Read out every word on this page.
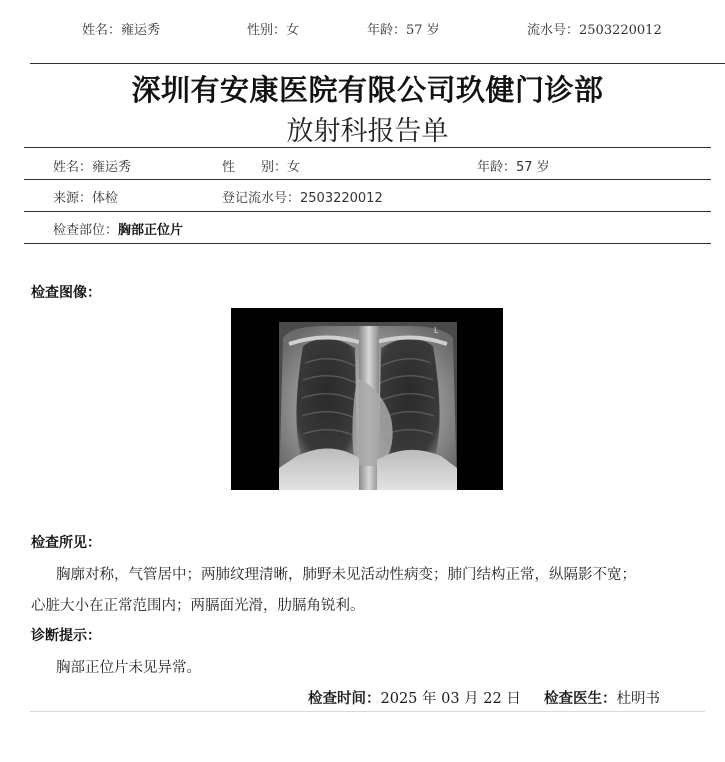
姓名：雍运秀	性别：女	年龄：57 岁	流水号：2503220012
深圳有安康医院有限公司玖健门诊部
放射科报告单
姓名：雍运秀	性　　别：女	年龄：57 岁
来源：体检	登记流水号：2503220012
检查部位：胸部正位片
检查图像：
L
检查所见：
胸廓对称，气管居中；两肺纹理清晰，肺野未见活动性病变；肺门结构正常，纵隔影不宽；
心脏大小在正常范围内；两膈面光滑，肋膈角锐利。
诊断提示：
胸部正位片未见异常。
检查时间：2025 年 03 月 22 日 检查医生：杜明书
